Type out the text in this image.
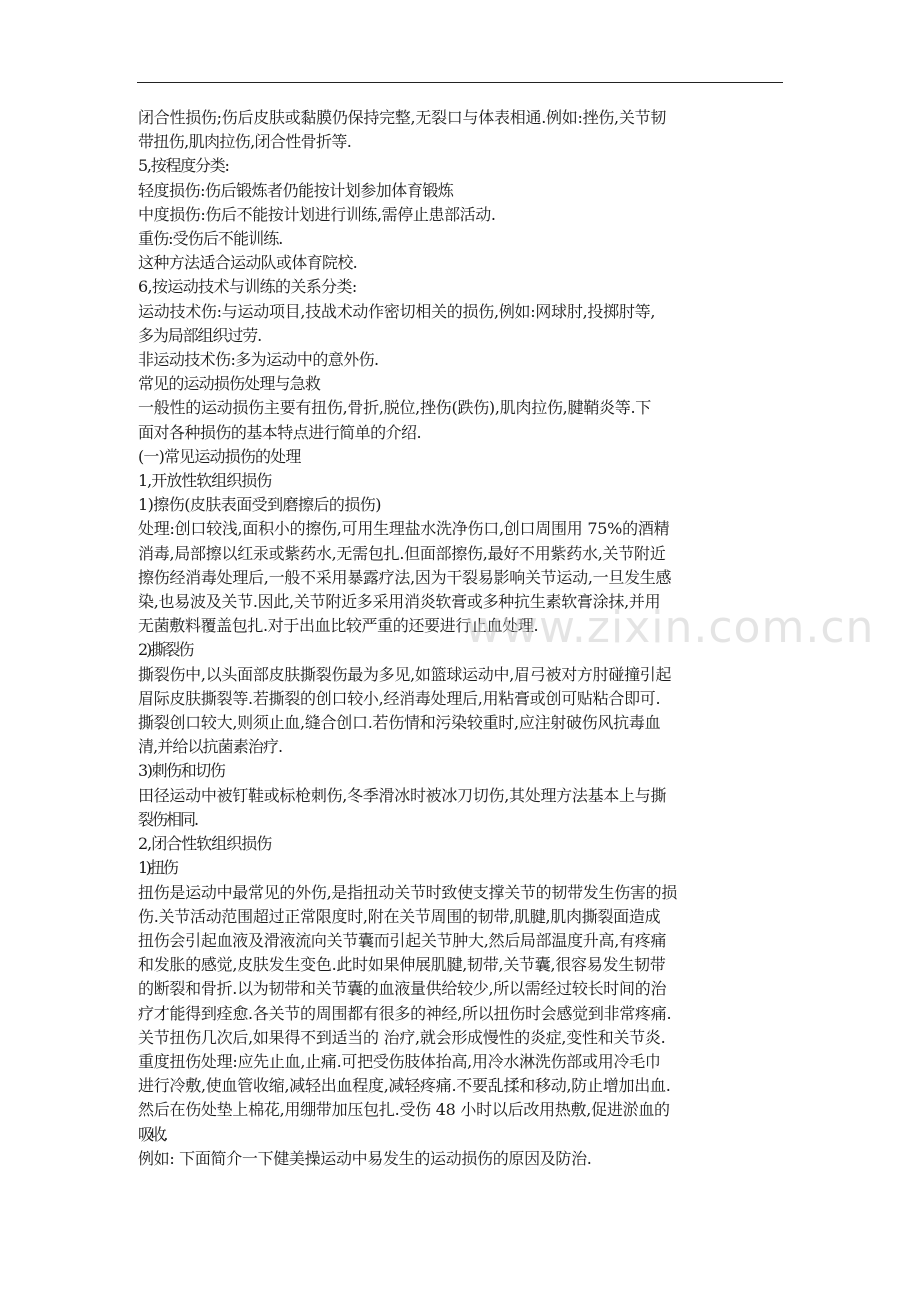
闭合性损伤;伤后皮肤或黏膜仍保持完整,无裂口与体表相通.例如:挫伤,关节韧
带扭伤,肌肉拉伤,闭合性骨折等.
5,按程度分类:
轻度损伤:伤后锻炼者仍能按计划参加体育锻炼
中度损伤:伤后不能按计划进行训练,需停止患部活动.
重伤:受伤后不能训练.
这种方法适合运动队或体育院校.
6,按运动技术与训练的关系分类:
运动技术伤:与运动项目,技战术动作密切相关的损伤,例如:网球肘,投掷肘等,
多为局部组织过劳.
非运动技术伤:多为运动中的意外伤.
常见的运动损伤处理与急救
一般性的运动损伤主要有扭伤,骨折,脱位,挫伤(跌伤),肌肉拉伤,腱鞘炎等.下
面对各种损伤的基本特点进行简单的介绍.
(一)常见运动损伤的处理
1,开放性软组织损伤
1)擦伤(皮肤表面受到磨擦后的损伤)
处理:创口较浅,面积小的擦伤,可用生理盐水洗净伤口,创口周围用 75%的酒精
消毒,局部擦以红汞或紫药水,无需包扎.但面部擦伤,最好不用紫药水,关节附近
擦伤经消毒处理后,一般不采用暴露疗法,因为干裂易影响关节运动,一旦发生感
染,也易波及关节.因此,关节附近多采用消炎软膏或多种抗生素软膏涂抹,并用
无菌敷料覆盖包扎.对于出血比较严重的还要进行止血处理.
2)撕裂伤
撕裂伤中,以头面部皮肤撕裂伤最为多见,如篮球运动中,眉弓被对方肘碰撞引起
眉际皮肤撕裂等.若撕裂的创口较小,经消毒处理后,用粘膏或创可贴粘合即可.
撕裂创口较大,则须止血,缝合创口.若伤情和污染较重时,应注射破伤风抗毒血
清,并给以抗菌素治疗.
3)刺伤和切伤
田径运动中被钉鞋或标枪刺伤,冬季滑冰时被冰刀切伤,其处理方法基本上与撕
裂伤相同.
2,闭合性软组织损伤
1)扭伤
扭伤是运动中最常见的外伤,是指扭动关节时致使支撑关节的韧带发生伤害的损
伤.关节活动范围超过正常限度时,附在关节周围的韧带,肌腱,肌肉撕裂面造成
扭伤会引起血液及滑液流向关节囊而引起关节肿大,然后局部温度升高,有疼痛
和发胀的感觉,皮肤发生变色.此时如果伸展肌腱,韧带,关节囊,很容易发生韧带
的断裂和骨折.以为韧带和关节囊的血液量供给较少,所以需经过较长时间的治
疗才能得到痊愈.各关节的周围都有很多的神经,所以扭伤时会感觉到非常疼痛.
关节扭伤几次后,如果得不到适当的 治疗,就会形成慢性的炎症,变性和关节炎.
重度扭伤处理:应先止血,止痛.可把受伤肢体抬高,用冷水淋洗伤部或用冷毛巾
进行冷敷,使血管收缩,减轻出血程度,减轻疼痛.不要乱揉和移动,防止增加出血.
然后在伤处垫上棉花,用绷带加压包扎.受伤 48 小时以后改用热敷,促进淤血的
吸收.
例如: 下面简介一下健美操运动中易发生的运动损伤的原因及防治.
www.zixin.com.cn
